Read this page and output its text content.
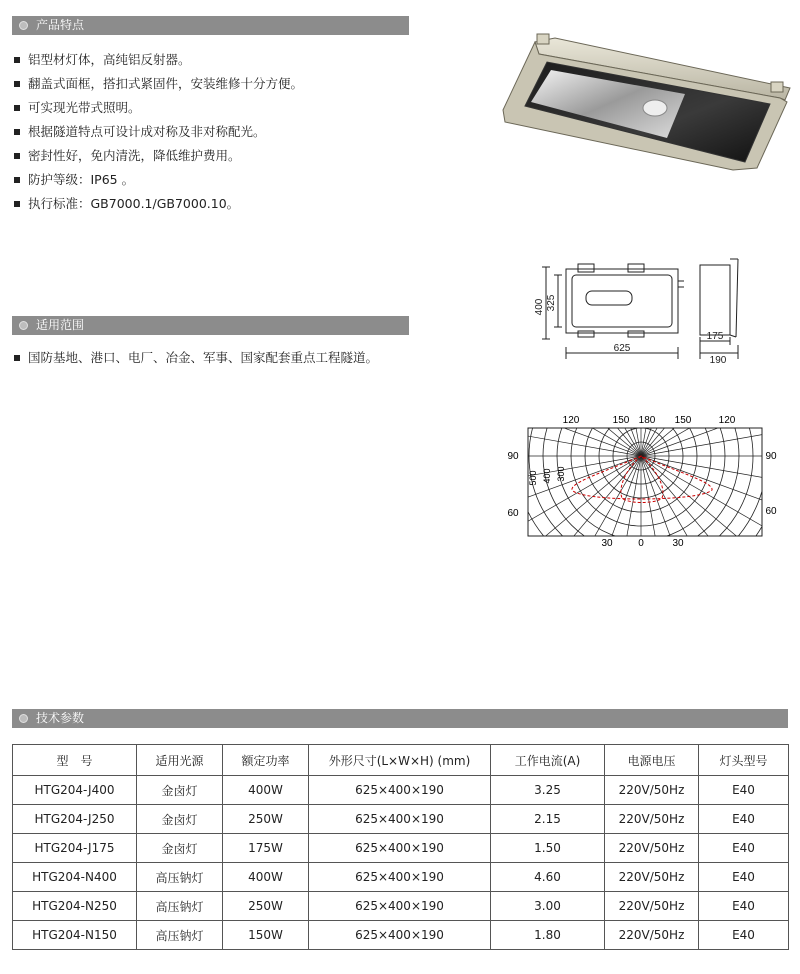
产品特点
铝型材灯体，高纯铝反射器。
翻盖式面框，搭扣式紧固件，安装维修十分方便。
可实现光带式照明。
根据隧道特点可设计成对称及非对称配光。
密封性好，免内清洗，降低维护费用。
防护等级：IP65 。
执行标准：GB7000.1/GB7000.10。
400 325
625
175
190
适用范围
国防基地、港口、电厂、冶金、军事、国家配套重点工程隧道。
120	150 180 150	120
90
60
90
60
30	0	30
500 400 300
技术参数
型　号	适用光源	额定功率	外形尺寸(L×W×H) (mm)	工作电流(A)	电源电压	灯头型号
HTG204-J400	金卤灯	400W	625×400×190	3.25	220V/50Hz	E40
HTG204-J250	金卤灯	250W	625×400×190	2.15	220V/50Hz	E40
HTG204-J175	金卤灯	175W	625×400×190	1.50	220V/50Hz	E40
HTG204-N400	高压钠灯	400W	625×400×190	4.60	220V/50Hz	E40
HTG204-N250	高压钠灯	250W	625×400×190	3.00	220V/50Hz	E40
HTG204-N150	高压钠灯	150W	625×400×190	1.80	220V/50Hz	E40
